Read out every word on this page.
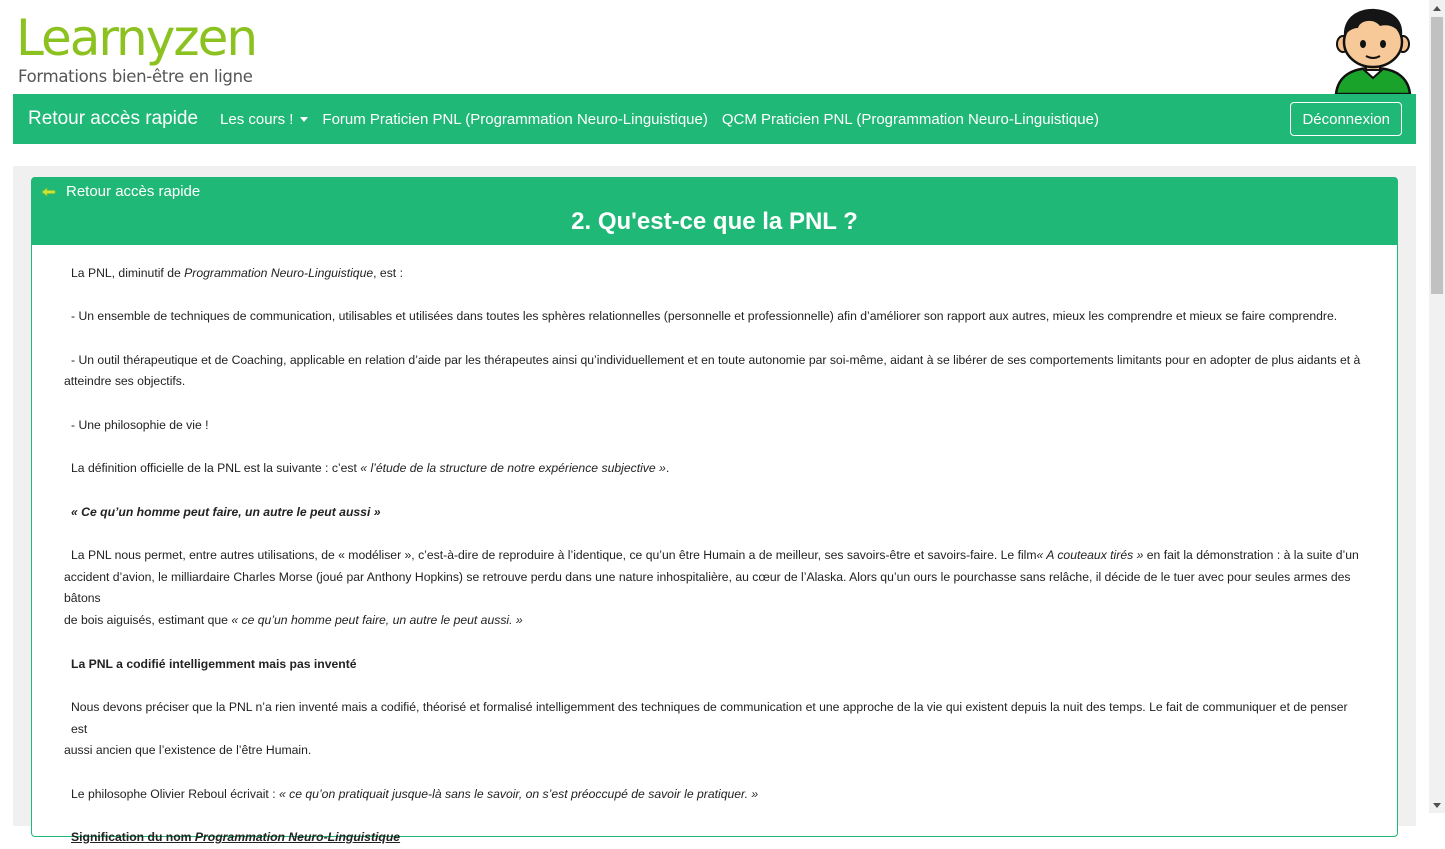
Learnyzen
Formations bien-être en ligne
Retour accès rapide Les cours ! Forum Praticien PNL (Programmation Neuro-Linguistique) QCM Praticien PNL (Programmation Neuro-Linguistique)	Déconnexion
Retour accès rapide
2. Qu'est-ce que la PNL ?

La PNL, diminutif de Programmation Neuro-Linguistique, est :

- Un ensemble de techniques de communication, utilisables et utilisées dans toutes les sphères relationnelles (personnelle et professionnelle) afin d’améliorer son rapport aux autres, mieux les comprendre et mieux se faire comprendre.

- Un outil thérapeutique et de Coaching, applicable en relation d’aide par les thérapeutes ainsi qu’individuellement et en toute autonomie par soi-même, aidant à se libérer de ses comportements limitants pour en adopter de plus aidants et à
atteindre ses objectifs.

- Une philosophie de vie !

La définition officielle de la PNL est la suivante : c’est « l’étude de la structure de notre expérience subjective ».

« Ce qu’un homme peut faire, un autre le peut aussi »

La PNL nous permet, entre autres utilisations, de « modéliser », c’est-à-dire de reproduire à l’identique, ce qu’un être Humain a de meilleur, ses savoirs-être et savoirs-faire. Le film« A couteaux tirés » en fait la démonstration : à la suite d’un
accident d’avion, le milliardaire Charles Morse (joué par Anthony Hopkins) se retrouve perdu dans une nature inhospitalière, au cœur de l’Alaska. Alors qu’un ours le pourchasse sans relâche, il décide de le tuer avec pour seules armes des bâtons
de bois aiguisés, estimant que « ce qu’un homme peut faire, un autre le peut aussi. »

La PNL a codifié intelligemment mais pas inventé

Nous devons préciser que la PNL n’a rien inventé mais a codifié, théorisé et formalisé intelligemment des techniques de communication et une approche de la vie qui existent depuis la nuit des temps. Le fait de communiquer et de penser est
aussi ancien que l’existence de l’être Humain.

Le philosophe Olivier Reboul écrivait : « ce qu’on pratiquait jusque-là sans le savoir, on s’est préoccupé de savoir le pratiquer. »

Signification du nom Programmation Neuro-Linguistique
